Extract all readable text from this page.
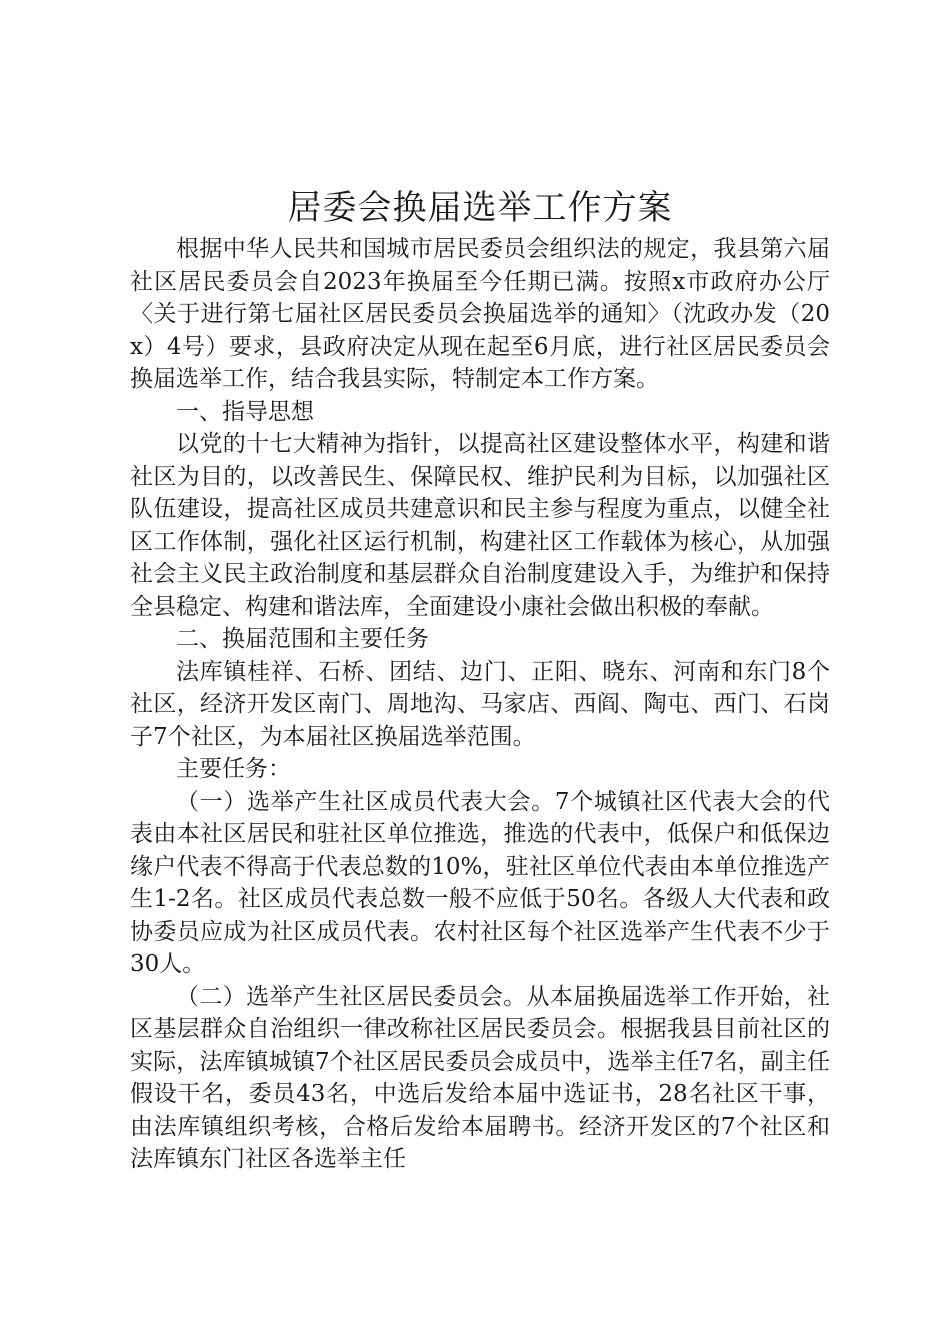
居委会换届选举工作方案

根据中华人民共和国城市居民委员会组织法的规定，我县第六届社区居民委员会自2023年换届至今任期已满。按照x市政府办公厅〈关于进行第七届社区居民委员会换届选举的通知〉（沈政办发（20x）4号）要求，县政府决定从现在起至6月底，进行社区居民委员会换届选举工作，结合我县实际，特制定本工作方案。

一、指导思想

以党的十七大精神为指针，以提高社区建设整体水平，构建和谐社区为目的，以改善民生、保障民权、维护民利为目标，以加强社区队伍建设，提高社区成员共建意识和民主参与程度为重点，以健全社区工作体制，强化社区运行机制，构建社区工作载体为核心，从加强社会主义民主政治制度和基层群众自治制度建设入手，为维护和保持全县稳定、构建和谐法库，全面建设小康社会做出积极的奉献。

二、换届范围和主要任务

法库镇桂祥、石桥、团结、边门、正阳、晓东、河南和东门8个社区，经济开发区南门、周地沟、马家店、西阎、陶屯、西门、石岗子7个社区，为本届社区换届选举范围。

主要任务：

（一）选举产生社区成员代表大会。7个城镇社区代表大会的代表由本社区居民和驻社区单位推选，推选的代表中，低保户和低保边缘户代表不得高于代表总数的10%，驻社区单位代表由本单位推选产生1-2名。社区成员代表总数一般不应低于50名。各级人大代表和政协委员应成为社区成员代表。农村社区每个社区选举产生代表不少于30人。

（二）选举产生社区居民委员会。从本届换届选举工作开始，社区基层群众自治组织一律改称社区居民委员会。根据我县目前社区的实际，法库镇城镇7个社区居民委员会成员中，选举主任7名，副主任假设干名，委员43名，中选后发给本届中选证书，28名社区干事，由法库镇组织考核，合格后发给本届聘书。经济开发区的7个社区和法库镇东门社区各选举主任
